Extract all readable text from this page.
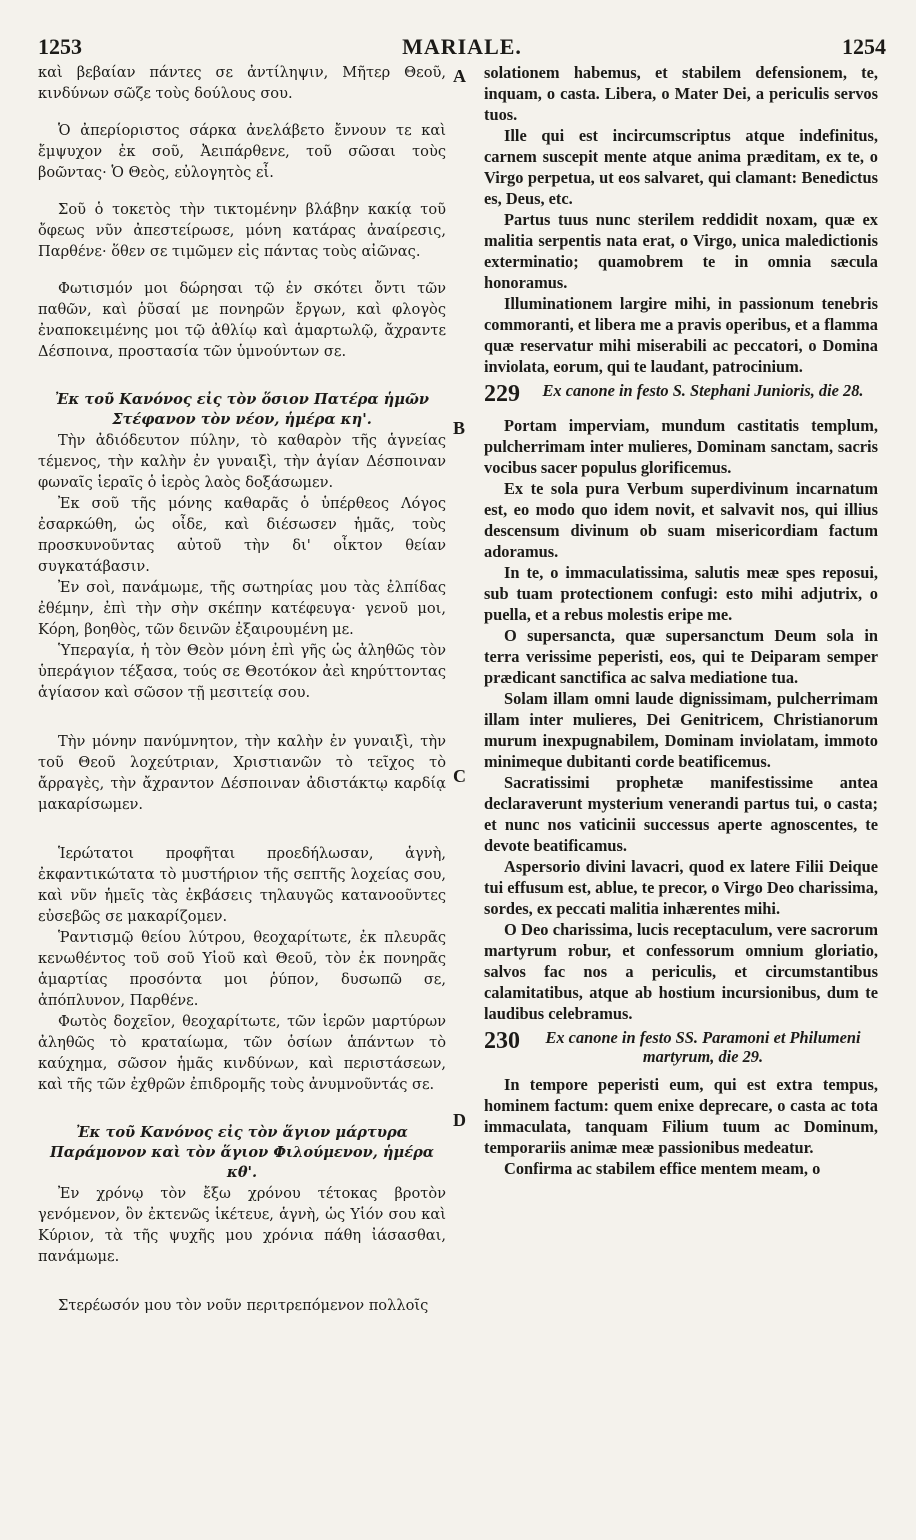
1253	MARIALE.	1254
A
B
C
D

καὶ βεβαίαν πάντες σε ἀντίληψιν, Μῆτερ Θεοῦ, κινδύνων σῶζε τοὺς δούλους σου.

Ὁ ἀπερίοριστος σάρκα ἀνελάβετο ἔννουν τε καὶ ἔμψυχον ἐκ σοῦ, Ἀειπάρθενε, τοῦ σῶσαι τοὺς βοῶντας· Ὁ Θεὸς, εὐλογητὸς εἶ.

Σοῦ ὁ τοκετὸς τὴν τικτομένην βλάβην κακίᾳ τοῦ ὄφεως νῦν ἀπεστείρωσε, μόνη κατάρας ἀναίρεσις, Παρθένε· ὅθεν σε τιμῶμεν εἰς πάντας τοὺς αἰῶνας.

Φωτισμόν μοι δώρησαι τῷ ἐν σκότει ὄντι τῶν παθῶν, καὶ ῥῦσαί με πονηρῶν ἔργων, καὶ φλογὸς ἐναποκειμένης μοι τῷ ἀθλίῳ καὶ ἁμαρτωλῷ, ἄχραντε Δέσποινα, προστασία τῶν ὑμνούντων σε.

Ἐκ τοῦ Κανόνος εἰς τὸν ὅσιον Πατέρα ἡμῶν Στέφανον τὸν νέον, ἡμέρα κη'.

Τὴν ἀδιόδευτον πύλην, τὸ καθαρὸν τῆς ἁγνείας τέμενος, τὴν καλὴν ἐν γυναιξὶ, τὴν ἁγίαν Δέσποιναν φωναῖς ἱεραῖς ὁ ἱερὸς λαὸς δοξάσωμεν.

Ἐκ σοῦ τῆς μόνης καθαρᾶς ὁ ὑπέρθεος Λόγος ἐσαρκώθη, ὡς οἶδε, καὶ διέσωσεν ἡμᾶς, τοὺς προσκυνοῦντας αὐτοῦ τὴν δι' οἶκτον θείαν συγκατάβασιν.

Ἐν σοὶ, πανάμωμε, τῆς σωτηρίας μου τὰς ἐλπίδας ἐθέμην, ἐπὶ τὴν σὴν σκέπην κατέφευγα· γενοῦ μοι, Κόρη, βοηθὸς, τῶν δεινῶν ἐξαιρουμένη με.

Ὑπεραγία, ἡ τὸν Θεὸν μόνη ἐπὶ γῆς ὡς ἀληθῶς τὸν ὑπεράγιον τέξασα, τούς σε Θεοτόκον ἀεὶ κηρύττοντας ἁγίασον καὶ σῶσον τῇ μεσιτείᾳ σου.

Τὴν μόνην πανύμνητον, τὴν καλὴν ἐν γυναιξὶ, τὴν τοῦ Θεοῦ λοχεύτριαν, Χριστιανῶν τὸ τεῖχος τὸ ἄρραγὲς, τὴν ἄχραντον Δέσποιναν ἀδιστάκτῳ καρδίᾳ μακαρίσωμεν.

Ἱερώτατοι προφῆται προεδήλωσαν, ἁγνὴ, ἐκφαντικώτατα τὸ μυστήριον τῆς σεπτῆς λοχείας σου, καὶ νῦν ἡμεῖς τὰς ἐκβάσεις τηλαυγῶς κατανοοῦντες εὐσεβῶς σε μακαρίζομεν.

Ῥαντισμῷ θείου λύτρου, θεοχαρίτωτε, ἐκ πλευρᾶς κενωθέντος τοῦ σοῦ Υἱοῦ καὶ Θεοῦ, τὸν ἐκ πονηρᾶς ἁμαρτίας προσόντα μοι ῥύπον, δυσωπῶ σε, ἀπόπλυνον, Παρθένε.

Φωτὸς δοχεῖον, θεοχαρίτωτε, τῶν ἱερῶν μαρτύρων ἀληθῶς τὸ κραταίωμα, τῶν ὁσίων ἁπάντων τὸ καύχημα, σῶσον ἡμᾶς κινδύνων, καὶ περιστάσεων, καὶ τῆς τῶν ἐχθρῶν ἐπιδρομῆς τοὺς ἀνυμνοῦντάς σε.

Ἐκ τοῦ Κανόνος εἰς τὸν ἅγιον μάρτυρα Παράμονον καὶ τὸν ἅγιον Φιλούμενον, ἡμέρα κθ'.

Ἐν χρόνῳ τὸν ἔξω χρόνου τέτοκας βροτὸν γενόμενον, ὃν ἐκτενῶς ἱκέτευε, ἁγνὴ, ὡς Υἱόν σου καὶ Κύριον, τὰ τῆς ψυχῆς μου χρόνια πάθη ἰάσασθαι, πανάμωμε.

Στερέωσόν μου τὸν νοῦν περιτρεπόμενον πολλοῖς

solationem habemus, et stabilem defensionem, te, inquam, o casta. Libera, o Mater Dei, a periculis servos tuos.

Ille qui est incircumscriptus atque indefinitus, carnem suscepit mente atque anima præditam, ex te, o Virgo perpetua, ut eos salvaret, qui clamant: Benedictus es, Deus, etc.

Partus tuus nunc sterilem reddidit noxam, quæ ex malitia serpentis nata erat, o Virgo, unica maledictionis exterminatio; quamobrem te in omnia sæcula honoramus.

Illuminationem largire mihi, in passionum tenebris commoranti, et libera me a pravis operibus, et a flamma quæ reservatur mihi miserabili ac peccatori, o Domina inviolata, eorum, qui te laudant, patrocinium.

229	Ex canone in festo S. Stephani Junioris, die 28.

Portam imperviam, mundum castitatis templum, pulcherrimam inter mulieres, Dominam sanctam, sacris vocibus sacer populus glorificemus.

Ex te sola pura Verbum superdivinum incarnatum est, eo modo quo idem novit, et salvavit nos, qui illius descensum divinum ob suam misericordiam factum adoramus.

In te, o immaculatissima, salutis meæ spes reposui, sub tuam protectionem confugi: esto mihi adjutrix, o puella, et a rebus molestis eripe me.

O supersancta, quæ supersanctum Deum sola in terra verissime peperisti, eos, qui te Deiparam semper prædicant sanctifica ac salva mediatione tua.

Solam illam omni laude dignissimam, pulcherrimam illam inter mulieres, Dei Genitricem, Christianorum murum inexpugnabilem, Dominam inviolatam, immoto minimeque dubitanti corde beatificemus.

Sacratissimi prophetæ manifestissime antea declaraverunt mysterium venerandi partus tui, o casta; et nunc nos vaticinii successus aperte agnoscentes, te devote beatificamus.

Aspersorio divini lavacri, quod ex latere Filii Deique tui effusum est, ablue, te precor, o Virgo Deo charissima, sordes, ex peccati malitia inhærentes mihi.

O Deo charissima, lucis receptaculum, vere sacrorum martyrum robur, et confessorum omnium gloriatio, salvos fac nos a periculis, et circumstantibus calamitatibus, atque ab hostium incursionibus, dum te laudibus celebramus.

230	Ex canone in festo SS. Paramoni et Philumeni martyrum, die 29.

In tempore peperisti eum, qui est extra tempus, hominem factum: quem enixe deprecare, o casta ac tota immaculata, tanquam Filium tuum ac Dominum, temporariis animæ meæ passionibus medeatur.

Confirma ac stabilem effice mentem meam, o
